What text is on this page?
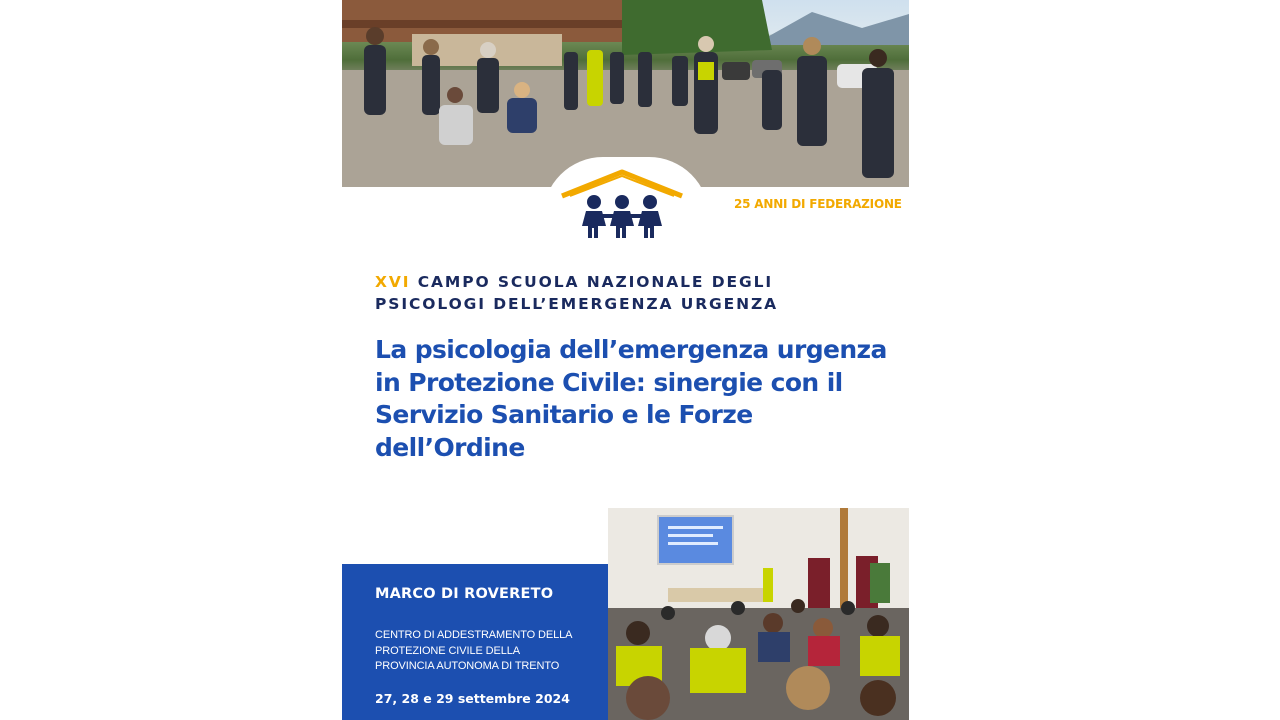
25 ANNI DI FEDERAZIONE
XVI CAMPO SCUOLA NAZIONALE DEGLI
PSICOLOGI DELL’EMERGENZA URGENZA
La psicologia dell’emergenza urgenza in Protezione Civile: sinergie con il Servizio Sanitario e le Forze dell’Ordine
MARCO DI ROVERETO
CENTRO DI ADDESTRAMENTO DELLA
PROTEZIONE CIVILE DELLA
PROVINCIA AUTONOMA DI TRENTO
27, 28 e 29 settembre 2024
